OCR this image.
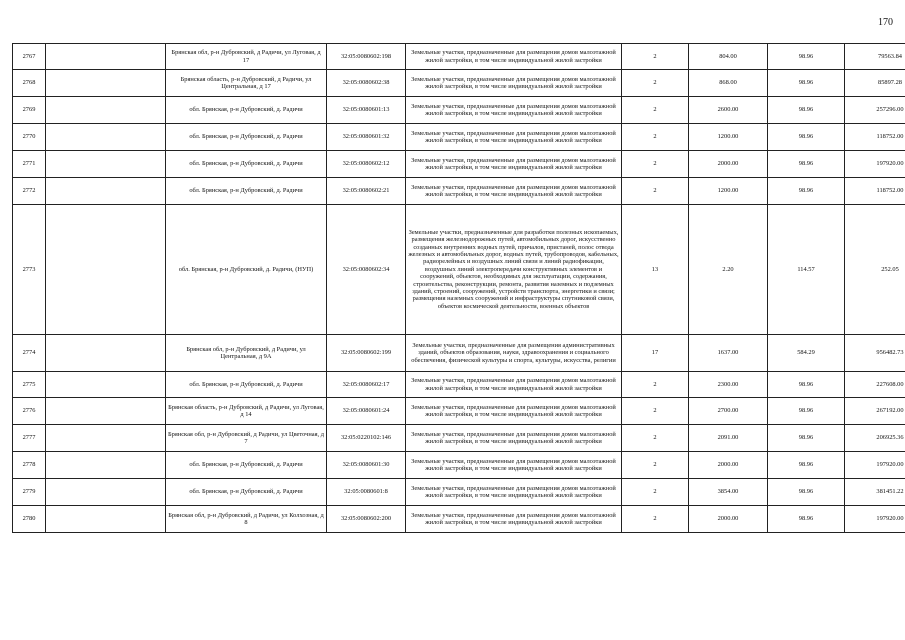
170
2767		Брянская обл, р-н Дубровский, д Радичи, ул Луговая, д 17	32:05:0080602:198	Земельные участки, предназначенные для размещения домов малоэтажной жилой застройки, в том числе индивидуальной жилой застройки	2	804.00	98.96	79563.84
2768		Брянская область, р-н Дубровский, д Радичи, ул Центральная, д 17	32:05:0080602:38	Земельные участки, предназначенные для размещения домов малоэтажной жилой застройки, в том числе индивидуальной жилой застройки	2	868.00	98.96	85897.28
2769		обл. Брянская, р-н Дубровский, д. Радичи	32:05:0080601:13	Земельные участки, предназначенные для размещения домов малоэтажной жилой застройки, в том числе индивидуальной жилой застройки	2	2600.00	98.96	257296.00
2770		обл. Брянская, р-н Дубровский, д. Радичи	32:05:0080601:32	Земельные участки, предназначенные для размещения домов малоэтажной жилой застройки, в том числе индивидуальной жилой застройки	2	1200.00	98.96	118752.00
2771		обл. Брянская, р-н Дубровский, д. Радичи	32:05:0080602:12	Земельные участки, предназначенные для размещения домов малоэтажной жилой застройки, в том числе индивидуальной жилой застройки	2	2000.00	98.96	197920.00
2772		обл. Брянская, р-н Дубровский, д. Радичи	32:05:0080602:21	Земельные участки, предназначенные для размещения домов малоэтажной жилой застройки, в том числе индивидуальной жилой застройки	2	1200.00	98.96	118752.00
2773		обл. Брянская, р-н Дубровский, д. Радичи, (НУП)	32:05:0080602:34	Земельные участки, предназначенные для разработки полезных ископаемых, размещения железнодорожных путей, автомобильных дорог, искусственно созданных внутренних водных путей, причалов, пристаней, полос отвода железных и автомобильных дорог, водных путей, трубопроводов, кабельных, радиорелейных и воздушных линий связи и линий радиофикации, воздушных линий электропередачи конструктивных элементов и сооружений, объектов, необходимых для эксплуатации, содержания, строительства, реконструкции, ремонта, развития наземных и подземных зданий, строений, сооружений, устройств транспорта, энергетики и связи; размещения наземных сооружений и инфраструктуры спутниковой связи, объектов космической деятельности, военных объектов	13	2.20	114.57	252.05
2774		Брянская обл, р-н Дубровский, д Радичи, ул Центральная, д 9А	32:05:0080602:199	Земельные участки, предназначенные для размещения административных зданий, объектов образования, науки, здравоохранения и социального обеспечения, физической культуры и спорта, культуры, искусства, религии	17	1637.00	584.29	956482.73
2775		обл. Брянская, р-н Дубровский, д. Радичи	32:05:0080602:17	Земельные участки, предназначенные для размещения домов малоэтажной жилой застройки, в том числе индивидуальной жилой застройки	2	2300.00	98.96	227608.00
2776		Брянская область, р-н Дубровский, д Радичи, ул Луговая, д 14	32:05:0080601:24	Земельные участки, предназначенные для размещения домов малоэтажной жилой застройки, в том числе индивидуальной жилой застройки	2	2700.00	98.96	267192.00
2777		Брянская обл, р-н Дубровский, д Радичи, ул Цветочная, д 7	32:05:0220102:146	Земельные участки, предназначенные для размещения домов малоэтажной жилой застройки, в том числе индивидуальной жилой застройки	2	2091.00	98.96	206925.36
2778		обл. Брянская, р-н Дубровский, д. Радичи	32:05:0080601:30	Земельные участки, предназначенные для размещения домов малоэтажной жилой застройки, в том числе индивидуальной жилой застройки	2	2000.00	98.96	197920.00
2779		обл. Брянская, р-н Дубровский, д. Радичи	32:05:0080601:8	Земельные участки, предназначенные для размещения домов малоэтажной жилой застройки, в том числе индивидуальной жилой застройки	2	3854.00	98.96	381451.22
2780		Брянская обл, р-н Дубровский, д Радичи, ул Колхозная, д 8	32:05:0080602:200	Земельные участки, предназначенные для размещения домов малоэтажной жилой застройки, в том числе индивидуальной жилой застройки	2	2000.00	98.96	197920.00
